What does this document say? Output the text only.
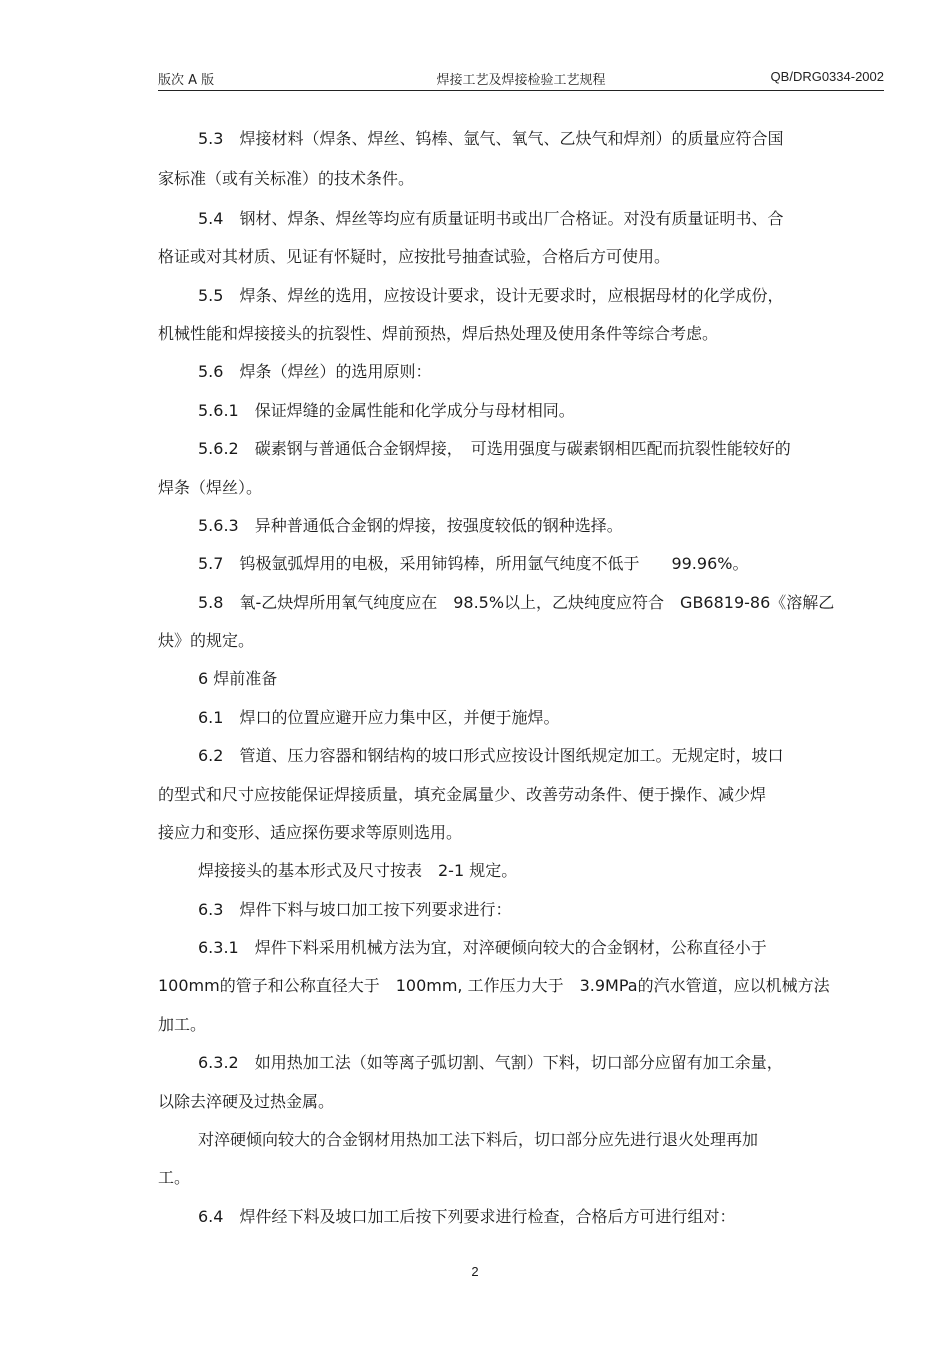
版次 A 版	焊接工艺及焊接检验工艺规程	QB/DRG0334-2002
5.3　焊接材料（焊条、焊丝、钨棒、氩气、氧气、乙炔气和焊剂）的质量应符合国
家标准（或有关标准）的技术条件。
5.4　钢材、焊条、焊丝等均应有质量证明书或出厂合格证。对没有质量证明书、合
格证或对其材质、见证有怀疑时，应按批号抽查试验，合格后方可使用。
5.5　焊条、焊丝的选用，应按设计要求，设计无要求时，应根据母材的化学成份，
机械性能和焊接接头的抗裂性、焊前预热，焊后热处理及使用条件等综合考虑。
5.6　焊条（焊丝）的选用原则：
5.6.1　保证焊缝的金属性能和化学成分与母材相同。
5.6.2　碳素钢与普通低合金钢焊接，　可选用强度与碳素钢相匹配而抗裂性能较好的
焊条（焊丝）。
5.6.3　异种普通低合金钢的焊接，按强度较低的钢种选择。
5.7　钨极氩弧焊用的电极，采用铈钨棒，所用氩气纯度不低于　　99.96%。
5.8　氧-乙炔焊所用氧气纯度应在　98.5%以上，乙炔纯度应符合　GB6819-86《溶解乙
炔》的规定。
6 焊前准备
6.1　焊口的位置应避开应力集中区，并便于施焊。
6.2　管道、压力容器和钢结构的坡口形式应按设计图纸规定加工。无规定时，坡口
的型式和尺寸应按能保证焊接质量，填充金属量少、改善劳动条件、便于操作、减少焊
接应力和变形、适应探伤要求等原则选用。
焊接接头的基本形式及尺寸按表　2-1 规定。
6.3　焊件下料与坡口加工按下列要求进行：
6.3.1　焊件下料采用机械方法为宜，对淬硬倾向较大的合金钢材，公称直径小于
100mm的管子和公称直径大于　100mm, 工作压力大于　3.9MPa的汽水管道，应以机械方法
加工。
6.3.2　如用热加工法（如等离子弧切割、气割）下料，切口部分应留有加工余量，
以除去淬硬及过热金属。
对淬硬倾向较大的合金钢材用热加工法下料后，切口部分应先进行退火处理再加
工。
6.4　焊件经下料及坡口加工后按下列要求进行检查，合格后方可进行组对：
2
